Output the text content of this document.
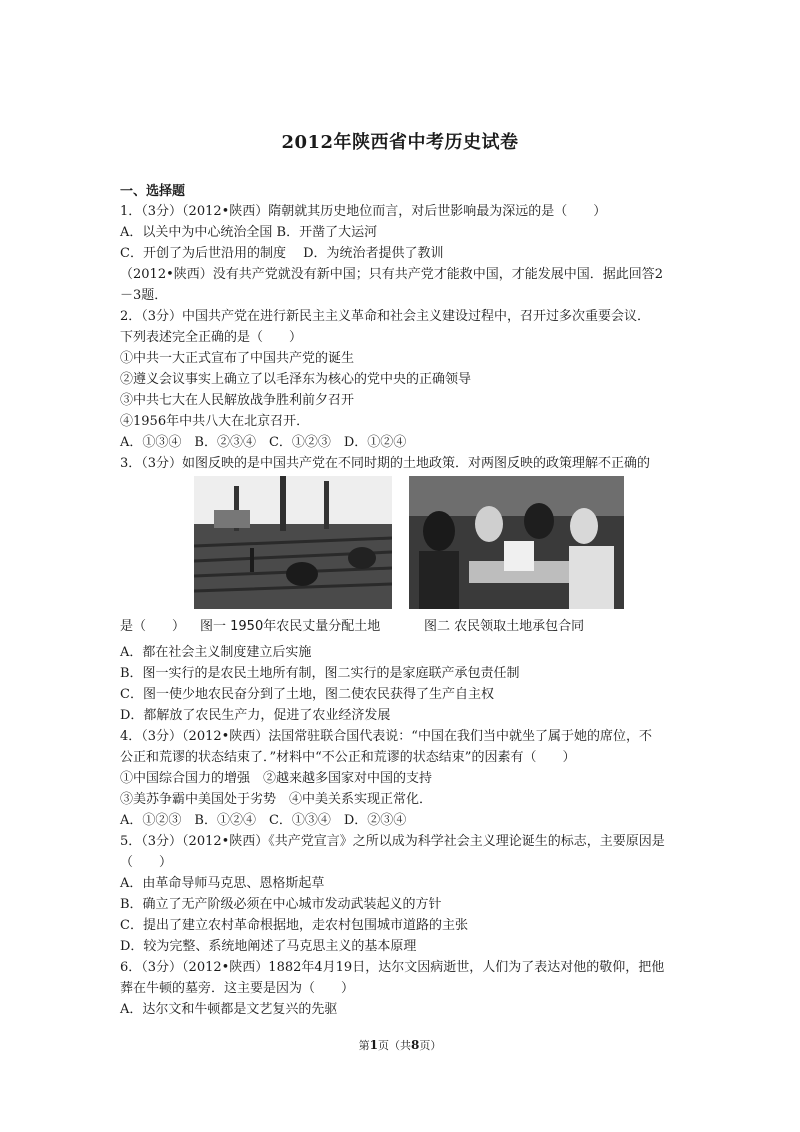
2012年陕西省中考历史试卷
一、选择题
1．（3分）（2012•陕西）隋朝就其历史地位而言，对后世影响最为深远的是（　　）
A．以关中为中心统治全国 B．开凿了大运河
C．开创了为后世沿用的制度　 D．为统治者提供了教训
（2012•陕西）没有共产党就没有新中国；只有共产党才能救中国，才能发展中国．据此回答2
－3题．
2．（3分）中国共产党在进行新民主主义革命和社会主义建设过程中，召开过多次重要会议．
下列表述完全正确的是（　　）
①中共一大正式宣布了中国共产党的诞生
②遵义会议事实上确立了以毛泽东为核心的党中央的正确领导
③中共七大在人民解放战争胜利前夕召开
④1956年中共八大在北京召开．
A．①③④　B．②③④　C．①②③　D．①②④
3．（3分）如图反映的是中国共产党在不同时期的土地政策．对两图反映的政策理解不正确的
是（　　）	图一 1950年农民丈量分配土地	图二 农民领取土地承包合同
A．都在社会主义制度建立后实施
B．图一实行的是农民土地所有制，图二实行的是家庭联产承包责任制
C．图一使少地农民奋分到了土地，图二使农民获得了生产自主权
D．都解放了农民生产力，促进了农业经济发展
4．（3分）（2012•陕西）法国常驻联合国代表说：“中国在我们当中就坐了属于她的席位，不
公正和荒谬的状态结束了．”材料中“不公正和荒谬的状态结束”的因素有（　　）
①中国综合国力的增强　②越来越多国家对中国的支持
③美苏争霸中美国处于劣势　④中美关系实现正常化．
A．①②③　B．①②④　C．①③④　D．②③④
5．（3分）（2012•陕西）《共产党宣言》之所以成为科学社会主义理论诞生的标志，主要原因是
（　　）
A．由革命导师马克思、恩格斯起草
B．确立了无产阶级必须在中心城市发动武装起义的方针
C．提出了建立农村革命根据地，走农村包围城市道路的主张
D．较为完整、系统地阐述了马克思主义的基本原理
6．（3分）（2012•陕西）1882年4月19日，达尔文因病逝世，人们为了表达对他的敬仰，把他
葬在牛顿的墓旁．这主要是因为（　　）
A．达尔文和牛顿都是文艺复兴的先驱
第1页（共8页）
